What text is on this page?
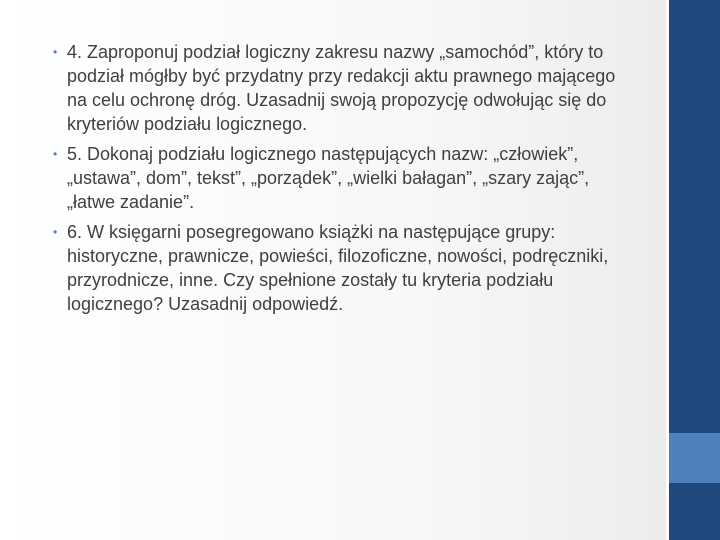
• 4. Zaproponuj podział logiczny zakresu nazwy „samochód”, który to podział mógłby być przydatny przy redakcji aktu prawnego mającego na celu ochronę dróg. Uzasadnij swoją propozycję odwołując się do kryteriów podziału logicznego.
• 5. Dokonaj podziału logicznego następujących nazw: „człowiek”, „ustawa”, dom”, tekst”, „porządek”, „wielki bałagan”, „szary zając”, „łatwe zadanie”.
• 6. W księgarni posegregowano książki na następujące grupy: historyczne, prawnicze, powieści, filozoficzne, nowości, podręczniki, przyrodnicze, inne. Czy spełnione zostały tu kryteria podziału logicznego? Uzasadnij odpowiedź.
